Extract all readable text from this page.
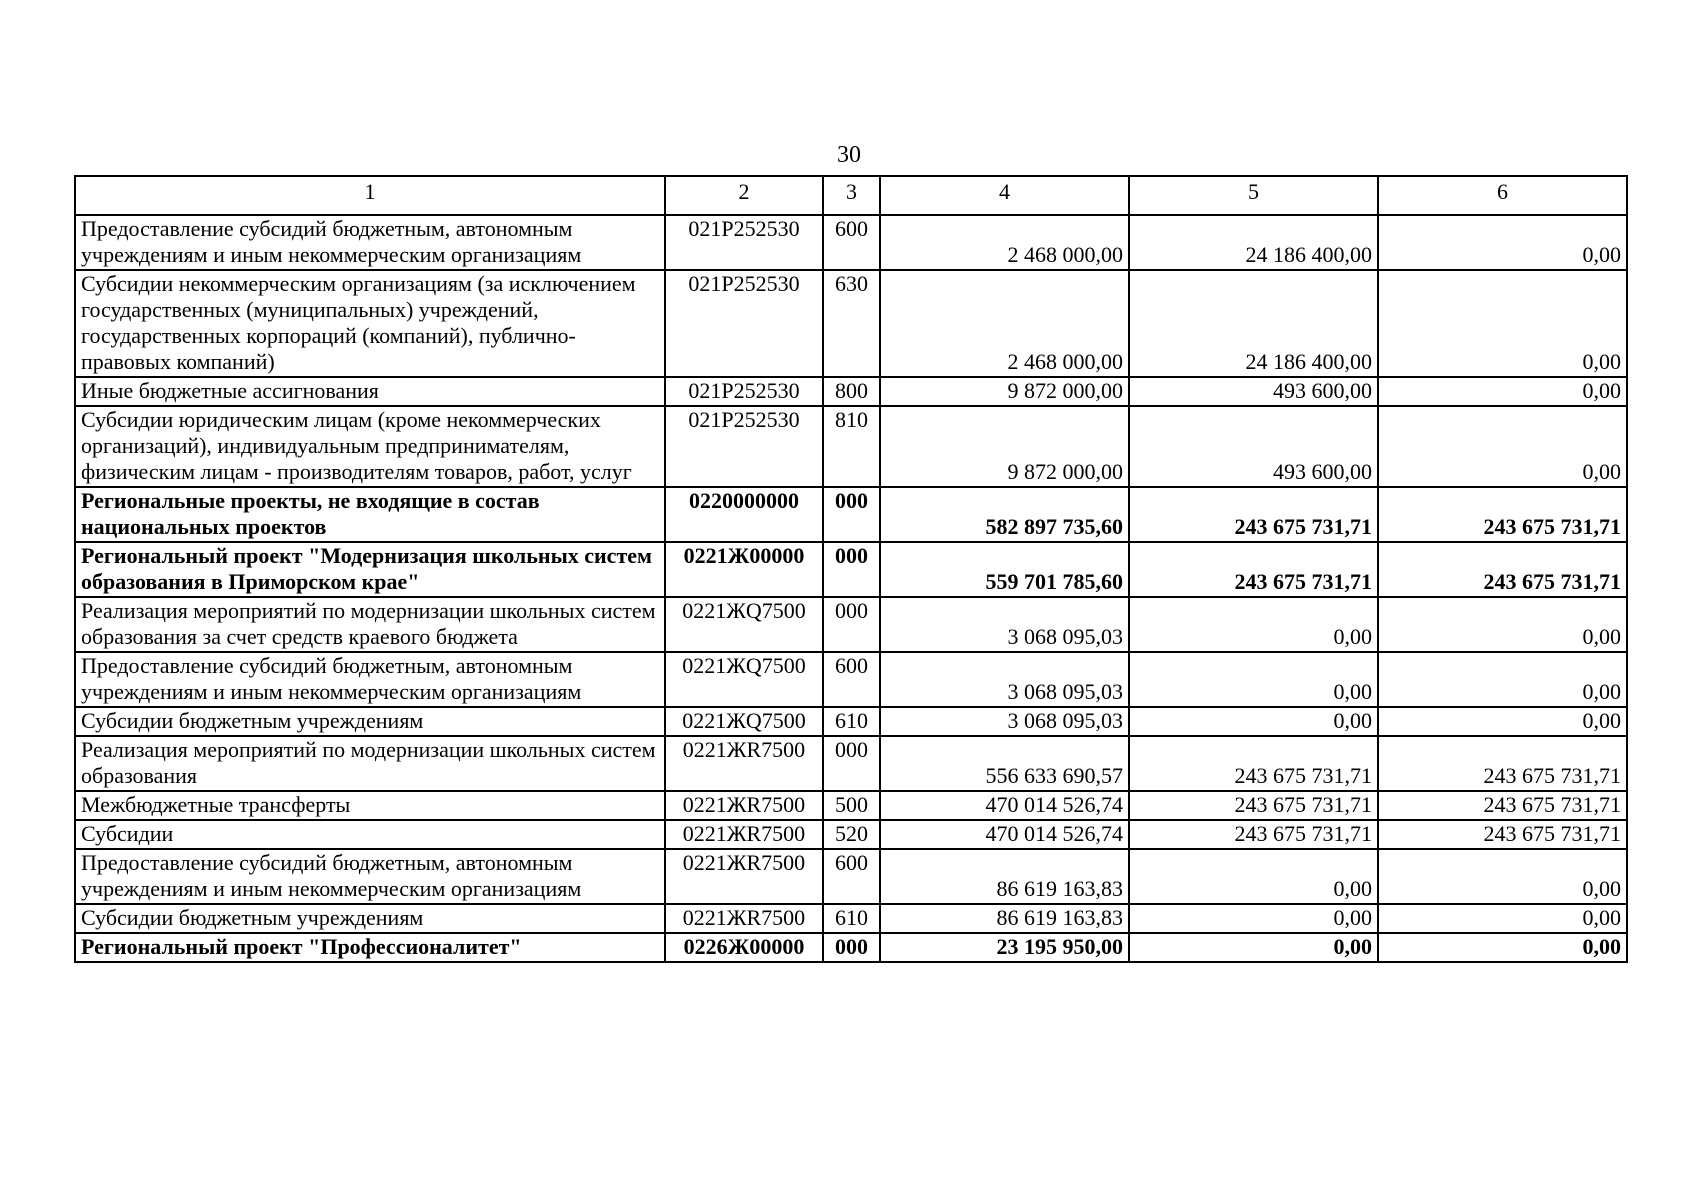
30
1	2	3	4	5	6
Предоставление субсидий бюджетным, автономным учреждениям и иным некоммерческим организациям	021Р252530	600	2 468 000,00	24 186 400,00	0,00
Субсидии некоммерческим организациям (за исключением государственных (муниципальных) учреждений, государственных корпораций (компаний), публично-правовых компаний)	021Р252530	630	2 468 000,00	24 186 400,00	0,00
Иные бюджетные ассигнования	021Р252530	800	9 872 000,00	493 600,00	0,00
Субсидии юридическим лицам (кроме некоммерческих организаций), индивидуальным предпринимателям, физическим лицам - производителям товаров, работ, услуг	021Р252530	810	9 872 000,00	493 600,00	0,00
Региональные проекты, не входящие в состав национальных проектов	0220000000	000	582 897 735,60	243 675 731,71	243 675 731,71
Региональный проект "Модернизация школьных систем образования в Приморском крае"	0221Ж00000	000	559 701 785,60	243 675 731,71	243 675 731,71
Реализация мероприятий по модернизации школьных систем образования за счет средств краевого бюджета	0221ЖQ7500	000	3 068 095,03	0,00	0,00
Предоставление субсидий бюджетным, автономным учреждениям и иным некоммерческим организациям	0221ЖQ7500	600	3 068 095,03	0,00	0,00
Субсидии бюджетным учреждениям	0221ЖQ7500	610	3 068 095,03	0,00	0,00
Реализация мероприятий по модернизации школьных систем образования	0221ЖR7500	000	556 633 690,57	243 675 731,71	243 675 731,71
Межбюджетные трансферты	0221ЖR7500	500	470 014 526,74	243 675 731,71	243 675 731,71
Субсидии	0221ЖR7500	520	470 014 526,74	243 675 731,71	243 675 731,71
Предоставление субсидий бюджетным, автономным учреждениям и иным некоммерческим организациям	0221ЖR7500	600	86 619 163,83	0,00	0,00
Субсидии бюджетным учреждениям	0221ЖR7500	610	86 619 163,83	0,00	0,00
Региональный проект "Профессионалитет"	0226Ж00000	000	23 195 950,00	0,00	0,00
